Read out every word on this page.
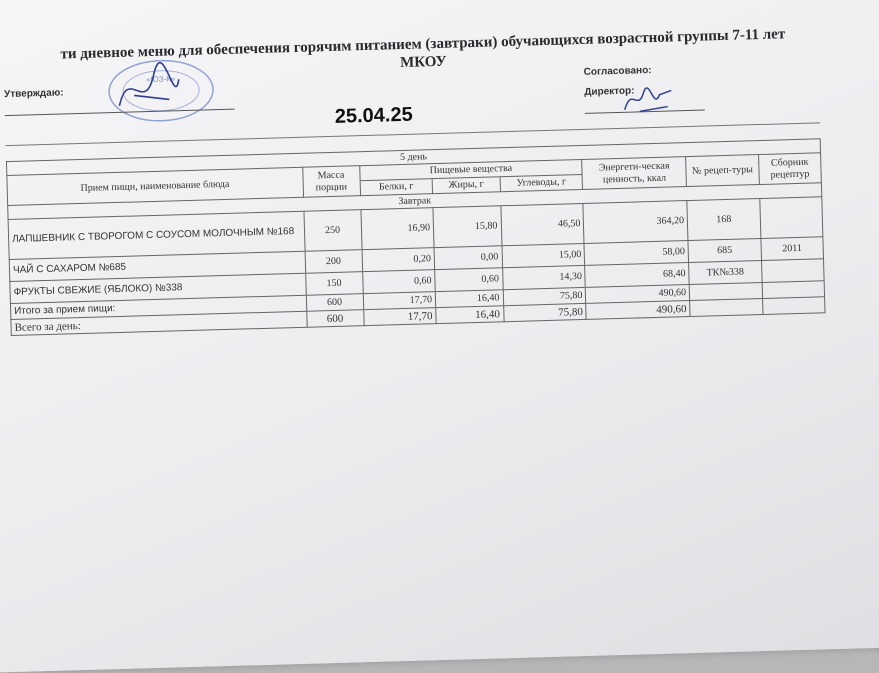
ти дневное меню для обеспечения горячим питанием (завтраки) обучающихся возрастной группы 7-11 лет МКОУ
Утверждаю:
«ЮЗ-К»
Согласовано:
Директор:
25.04.25
5 день							
Прием пищи, наименование блюда	Масса порции	Пищевые вещества			Энергети-ческая ценность, ккал	№ рецеп-туры	Сборник рецептур
		Белки, г	Жиры, г	Углеводы, г			
Завтрак							
ЛАПШЕВНИК С ТВОРОГОМ С СОУСОМ МОЛОЧНЫМ №168	250	16,90	15,80	46,50	364,20	168	
ЧАЙ С САХАРОМ №685	200	0,20	0,00	15,00	58,00	685	2011
ФРУКТЫ СВЕЖИЕ (ЯБЛОКО) №338	150	0,60	0,60	14,30	68,40	ТК№338	
Итого за прием пищи:	600	17,70	16,40	75,80	490,60		
Всего за день:	600	17,70	16,40	75,80	490,60		
